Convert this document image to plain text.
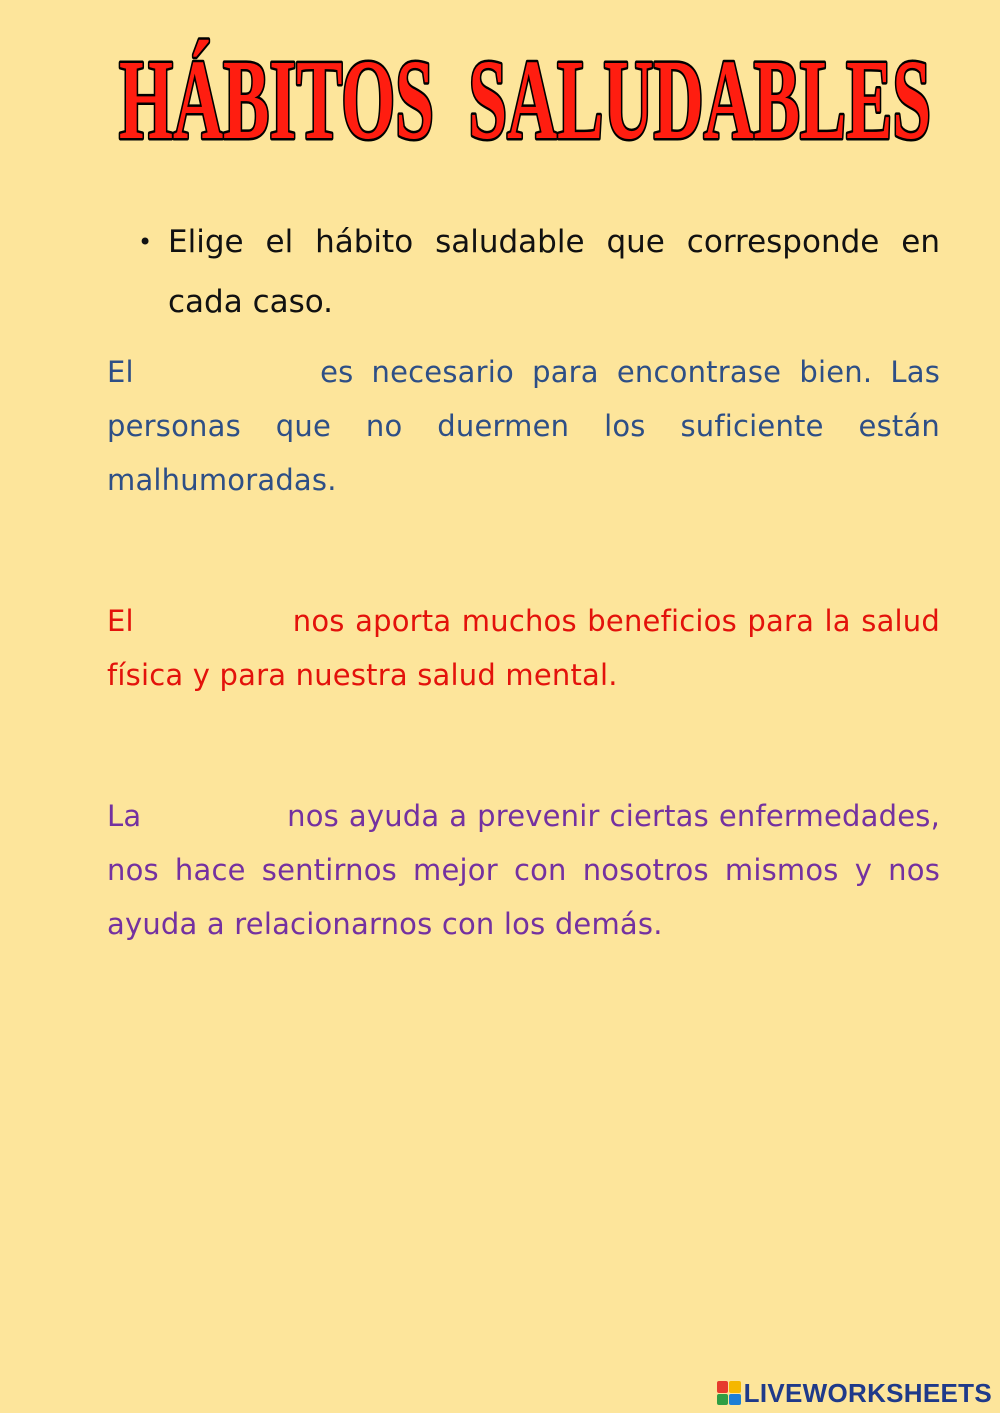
HÁBITOS  SALUDABLES
• Elige el hábito saludable que corresponde en cada caso.
El	es necesario para encontrase bien. Las personas que no duermen los suficiente están malhumoradas.
El	nos aporta muchos beneficios para la salud física y para nuestra salud mental.
La	nos ayuda a prevenir ciertas enfermedades, nos hace sentirnos mejor con nosotros mismos y nos ayuda a relacionarnos con los demás.
LIVEWORKSHEETS
